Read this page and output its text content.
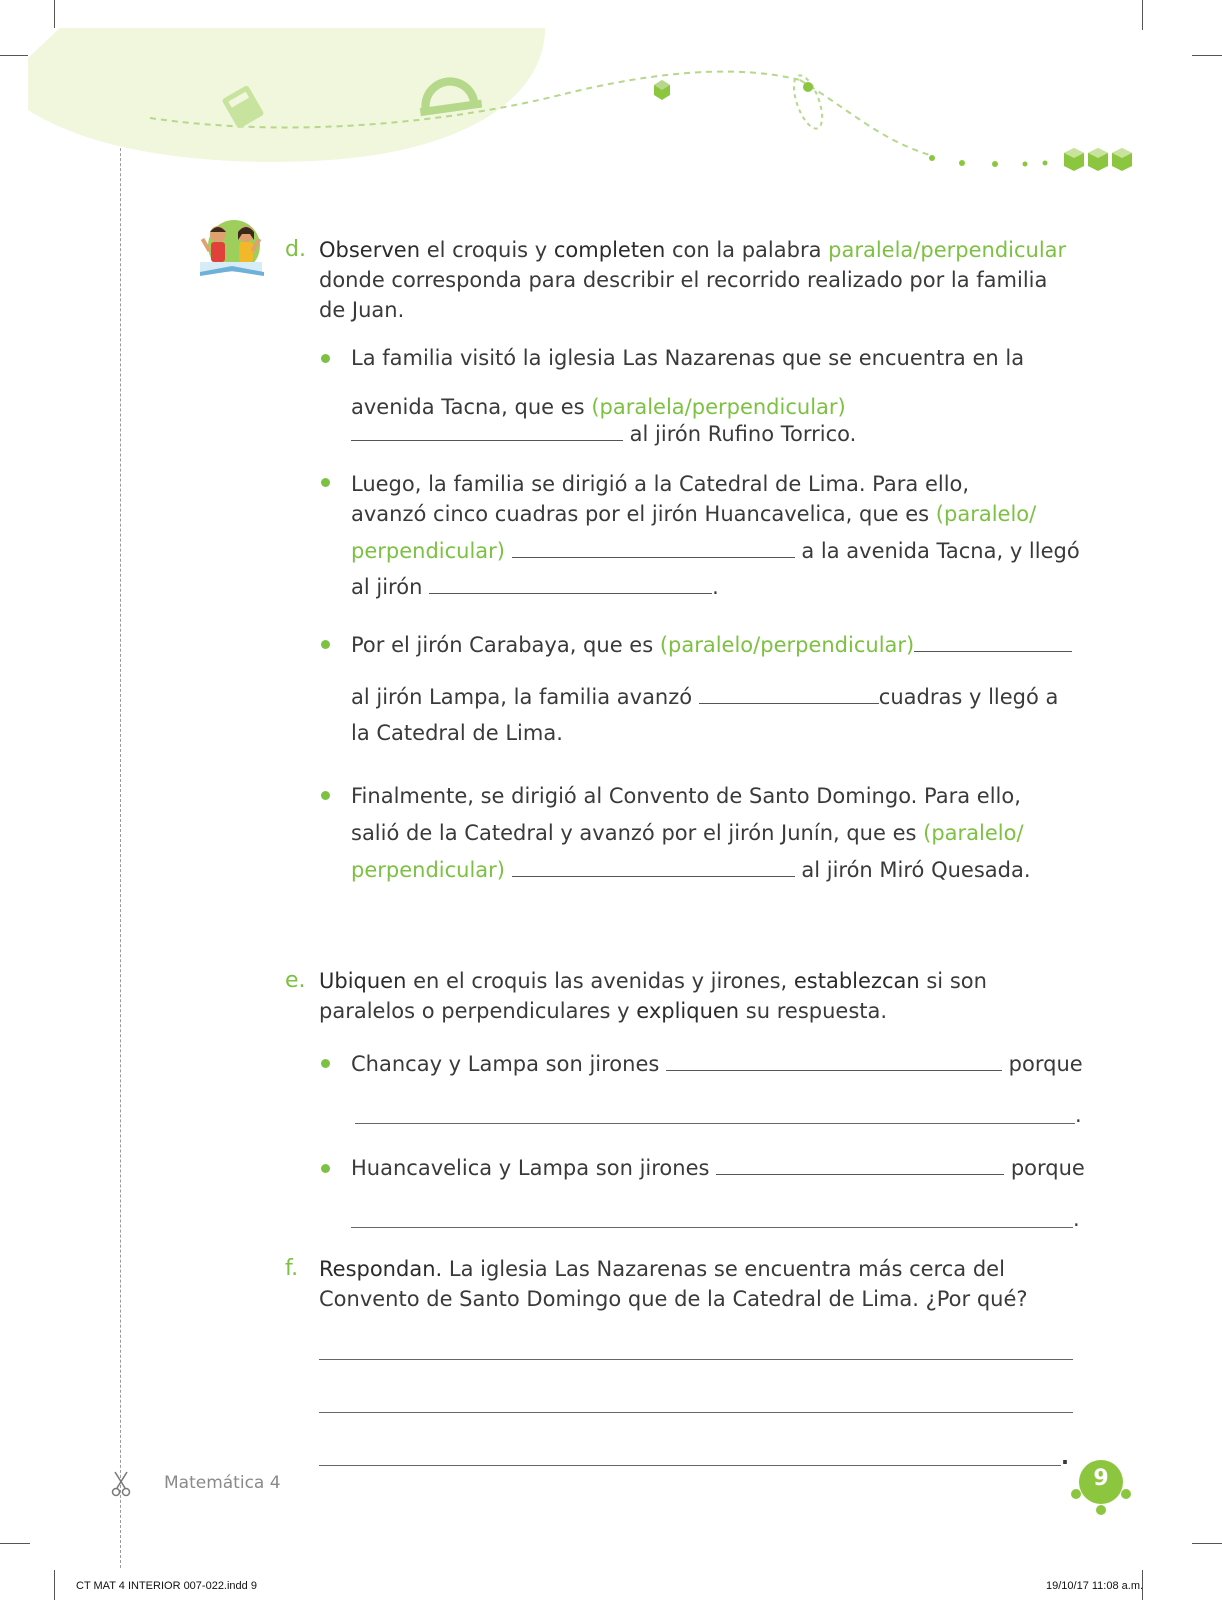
d. Observen el croquis y completen con la palabra paralela/perpendicular
donde corresponda para describir el recorrido realizado por la familia
de Juan.
La familia visitó la iglesia Las Nazarenas que se encuentra en la
avenida Tacna, que es (paralela/perpendicular)
al jirón Rufino Torrico.
Luego, la familia se dirigió a la Catedral de Lima. Para ello,
avanzó cinco cuadras por el jirón Huancavelica, que es (paralelo/
perpendicular)	a la avenida Tacna, y llegó
al jirón	.
Por el jirón Carabaya, que es (paralelo/perpendicular)
al jirón Lampa, la familia avanzó	cuadras y llegó a
la Catedral de Lima.
Finalmente, se dirigió al Convento de Santo Domingo. Para ello,
salió de la Catedral y avanzó por el jirón Junín, que es (paralelo/
perpendicular)	al jirón Miró Quesada.
e. Ubiquen en el croquis las avenidas y jirones, establezcan si son
paralelos o perpendiculares y expliquen su respuesta.
Chancay y Lampa son jirones	porque
.
Huancavelica y Lampa son jirones	porque
.
f. Respondan. La iglesia Las Nazarenas se encuentra más cerca del
Convento de Santo Domingo que de la Catedral de Lima. ¿Por qué?
.
Matemática 4	9
CT MAT 4 INTERIOR 007-022.indd 9	19/10/17 11:08 a.m.
